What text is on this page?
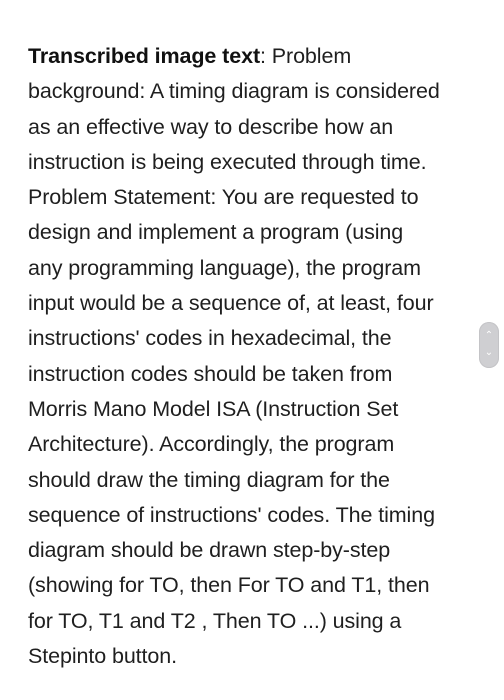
Transcribed image text: Problem
background: A timing diagram is considered
as an effective way to describe how an
instruction is being executed through time.
Problem Statement: You are requested to
design and implement a program (using
any programming language), the program
input would be a sequence of, at least, four
instructions' codes in hexadecimal, the
instruction codes should be taken from
Morris Mano Model ISA (Instruction Set
Architecture). Accordingly, the program
should draw the timing diagram for the
sequence of instructions' codes. The timing
diagram should be drawn step-by-step
(showing for TO, then For TO and T1, then
for TO, T1 and T2 , Then TO ...) using a
Stepinto button.
⌃
⌄
